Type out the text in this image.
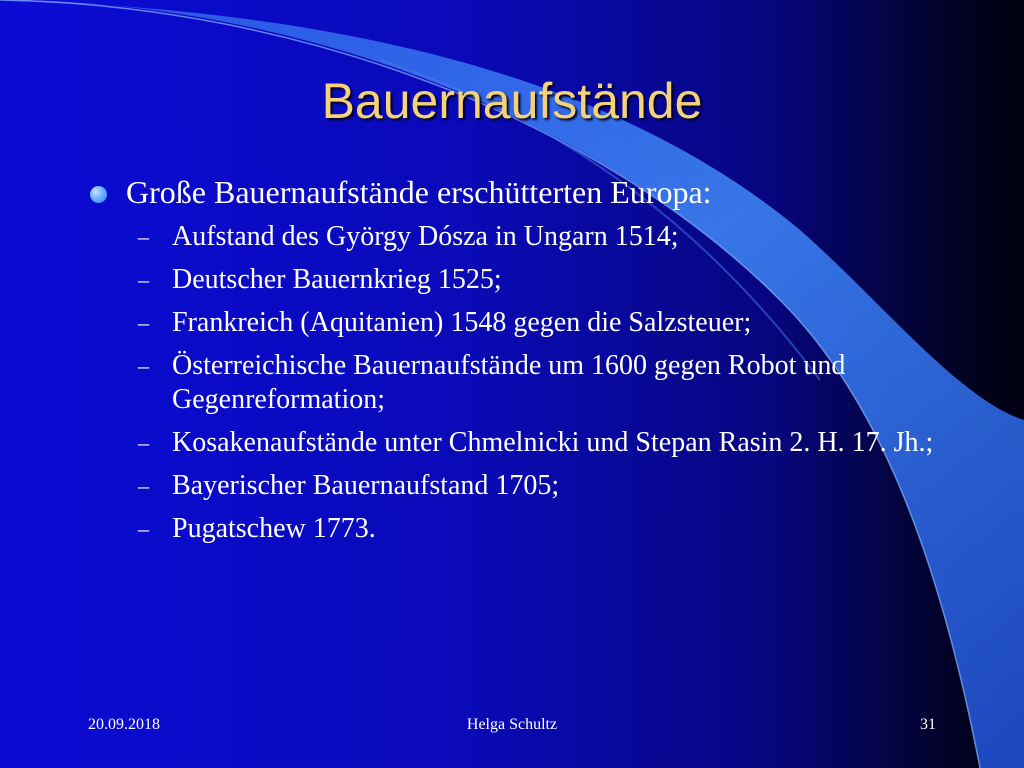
Bauernaufstände
Große Bauernaufstände erschütterten Europa:
– Aufstand des György Dósza in Ungarn 1514;
– Deutscher Bauernkrieg 1525;
– Frankreich (Aquitanien) 1548 gegen die Salzsteuer;
– Österreichische Bauernaufstände um 1600 gegen Robot und Gegenreformation;
– Kosakenaufstände unter Chmelnicki und Stepan Rasin 2. H. 17. Jh.;
– Bayerischer Bauernaufstand 1705;
– Pugatschew 1773.
20.09.2018	Helga Schultz	31
